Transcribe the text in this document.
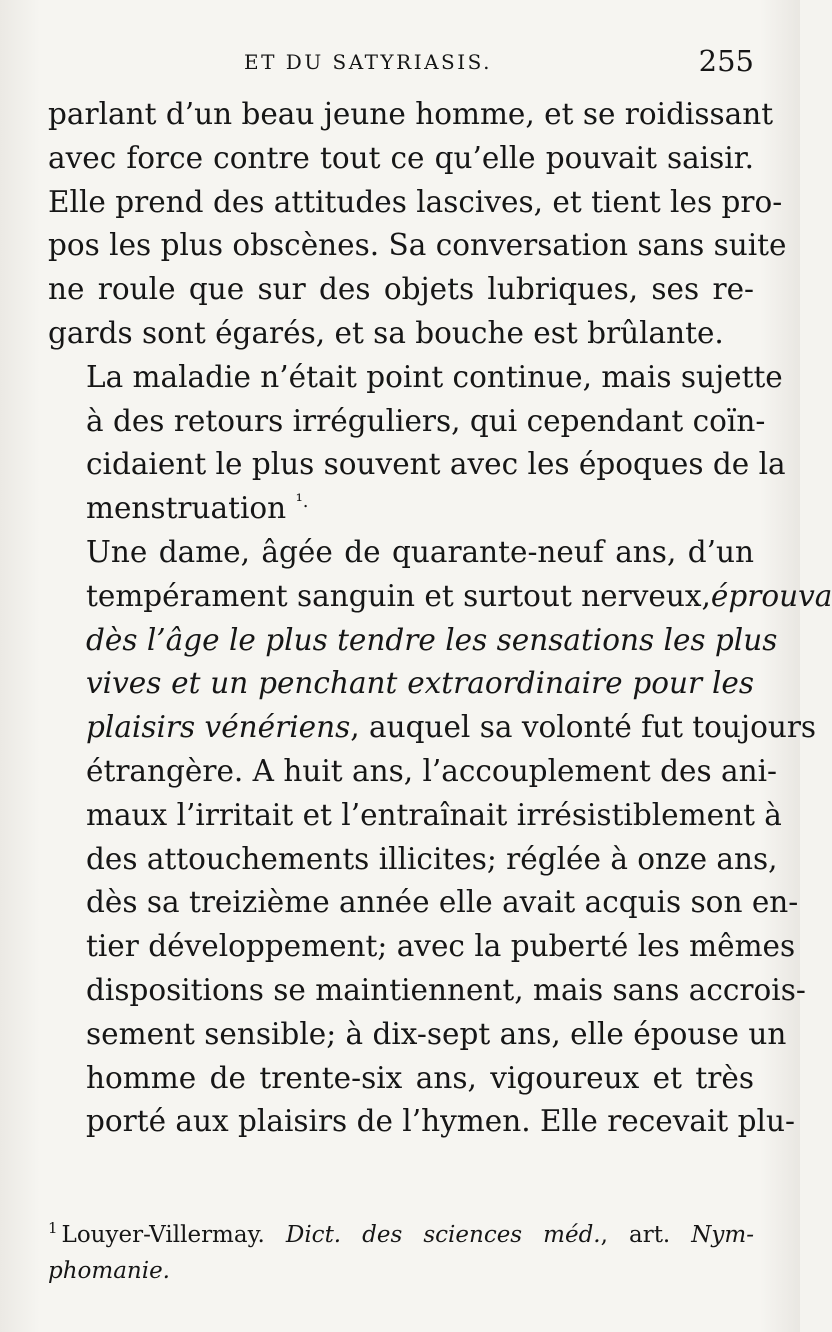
ET DU SATYRIASIS.	255
parlant d’un beau jeune homme, et se roidissant
avec force contre tout ce qu’elle pouvait saisir.
Elle prend des attitudes lascives, et tient les pro-
pos les plus obscènes. Sa conversation sans suite
ne roule que sur des objets lubriques, ses re-
gards sont égarés, et sa bouche est brûlante.
La maladie n’était point continue, mais sujette
à des retours irréguliers, qui cependant coïn-
cidaient le plus souvent avec les époques de la
menstruation $^{^1.}$
Une dame, âgée de quarante-neuf ans, d’un
tempérament sanguin et surtout nerveux,éprouva
dès l’âge le plus tendre les sensations les plus
vives et un penchant extraordinaire pour les
plaisirs vénériens, auquel sa volonté fut toujours
étrangère. A huit ans, l’accouplement des ani-
maux l’irritait et l’entraînait irrésistiblement à
des attouchements illicites; réglée à onze ans,
dès sa treizième année elle avait acquis son en-
tier développement; avec la puberté les mêmes
dispositions se maintiennent, mais sans accrois-
sement sensible; à dix-sept ans, elle épouse un
homme de trente-six ans, vigoureux et très
porté aux plaisirs de l’hymen. Elle recevait plu-
$^1$ Louyer-Villermay. Dict. des sciences méd., art. Nym-
phomanie.
